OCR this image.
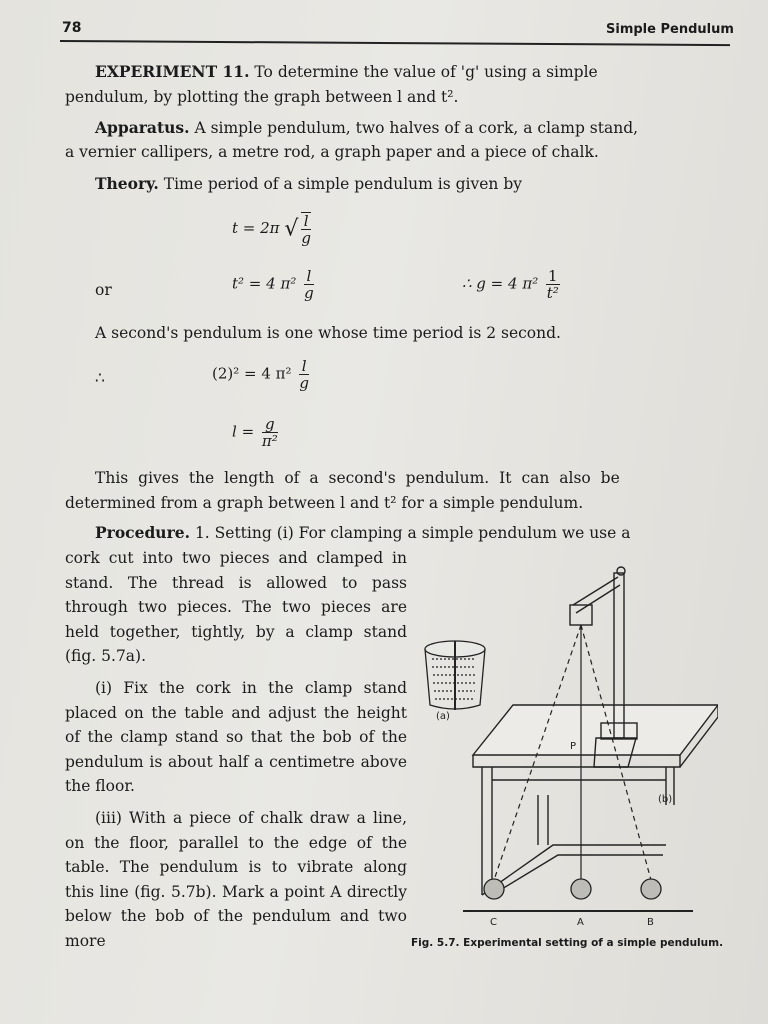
78	Simple Pendulum
EXPERIMENT 11. To determine the value of 'g' using a simple
pendulum, by plotting the graph between l and t².
Apparatus. A simple pendulum, two halves of a cork, a clamp stand,
a vernier callipers, a metre rod, a graph paper and a piece of chalk.
Theory. Time period of a simple pendulum is given by
t = 2π √ $\frac{l}{g}$
or	t² = 4 $\pi^2 \frac{l}{g}$	∴ g = 4 $\pi^2 \frac{1}{\text{t²}}$
A second's pendulum is one whose time period is 2 second.
∴	(2)² = 4 $\pi^2 \frac{l}{g}$
$l = \frac{g}{\text{π²}}$
This gives the length of a second's pendulum. It can also be
determined from a graph between l and t² for a simple pendulum.
Procedure. 1. Setting (i) For clamping a simple pendulum we use a

cork cut into two pieces and clamped in stand. The thread is allowed to pass through two pieces. The two pieces are held together, tightly, by a clamp stand (fig. 5.7a).

(i) Fix the cork in the clamp stand placed on the table and adjust the height of the clamp stand so that the bob of the pendulum is about half a centimetre above the floor.

(iii) With a piece of chalk draw a line, on the floor, parallel to the edge of the table. The pendulum is to vibrate along this line (fig. 5.7b). Mark a point A directly below the bob of the pendulum and two more

(a)
P
(b)
C	A	B
Fig. 5.7. Experimental setting of a simple pendulum.
